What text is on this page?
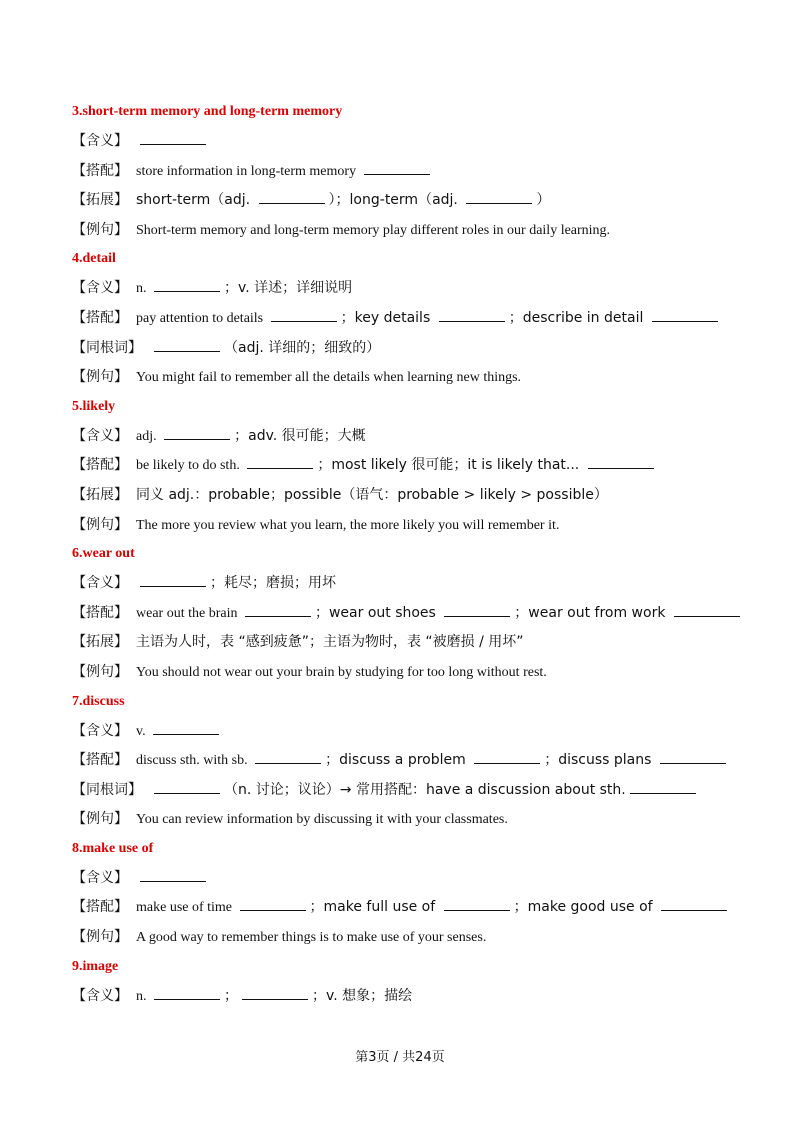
3.short-term memory and long-term memory
【含义】
【搭配】 store information in long-term memory
【拓展】 short-term（adj.	）；long-term（adj.	）
【例句】 Short-term memory and long-term memory play different roles in our daily learning.
4.detail
【含义】 n.	；v. 详述；详细说明
【搭配】 pay attention to details	；key details	；describe in detail
【同根词】	（adj. 详细的；细致的）
【例句】 You might fail to remember all the details when learning new things.
5.likely
【含义】 adj.	；adv. 很可能；大概
【搭配】 be likely to do sth.	；most likely 很可能；it is likely that...
【拓展】 同义 adj.：probable；possible（语气：probable > likely > possible）
【例句】 The more you review what you learn, the more likely you will remember it.
6.wear out
【含义】	；耗尽；磨损；用坏
【搭配】 wear out the brain	；wear out shoes	；wear out from work
【拓展】 主语为人时，表 “感到疲惫”；主语为物时，表 “被磨损 / 用坏”
【例句】 You should not wear out your brain by studying for too long without rest.
7.discuss
【含义】 v.
【搭配】 discuss sth. with sb.	；discuss a problem	；discuss plans
【同根词】	（n. 讨论；议论）→ 常用搭配：have a discussion about sth.
【例句】 You can review information by discussing it with your classmates.
8.make use of
【含义】
【搭配】 make use of time	；make full use of	；make good use of
【例句】 A good way to remember things is to make use of your senses.
9.image
【含义】 n.	；	；v. 想象；描绘
第3页 / 共24页
